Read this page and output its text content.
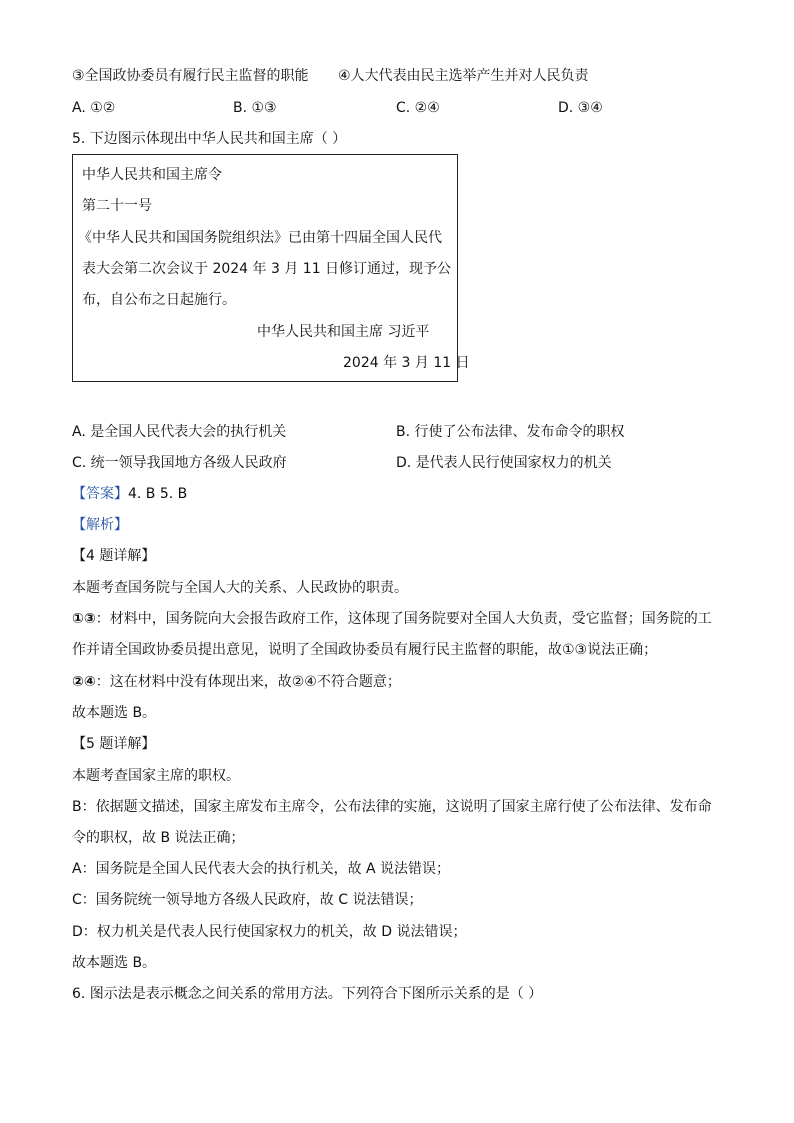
③全国政协委员有履行民主监督的职能 ④人大代表由民主选举产生并对人民负责
A. ①②	B. ①③	C. ②④	D. ③④
5. 下边图示体现出中华人民共和国主席（ ）
中华人民共和国主席令
第二十一号
《中华人民共和国国务院组织法》已由第十四届全国人民代
表大会第二次会议于 2024 年 3 月 11 日修订通过，现予公
布，自公布之日起施行。
中华人民共和国主席 习近平
2024 年 3 月 11 日
A. 是全国人民代表大会的执行机关	B. 行使了公布法律、发布命令的职权
C. 统一领导我国地方各级人民政府	D. 是代表人民行使国家权力的机关
【答案】4. B 5. B
【解析】
【4 题详解】
本题考查国务院与全国人大的关系、人民政协的职责。
①③：材料中，国务院向大会报告政府工作，这体现了国务院要对全国人大负责，受它监督；国务院的工
作并请全国政协委员提出意见，说明了全国政协委员有履行民主监督的职能，故①③说法正确；
②④：这在材料中没有体现出来，故②④不符合题意；
故本题选 B。
【5 题详解】
本题考查国家主席的职权。
B：依据题文描述，国家主席发布主席令，公布法律的实施，这说明了国家主席行使了公布法律、发布命
令的职权，故 B 说法正确；
A：国务院是全国人民代表大会的执行机关，故 A 说法错误；
C：国务院统一领导地方各级人民政府，故 C 说法错误；
D：权力机关是代表人民行使国家权力的机关，故 D 说法错误；
故本题选 B。
6. 图示法是表示概念之间关系的常用方法。下列符合下图所示关系的是（ ）
